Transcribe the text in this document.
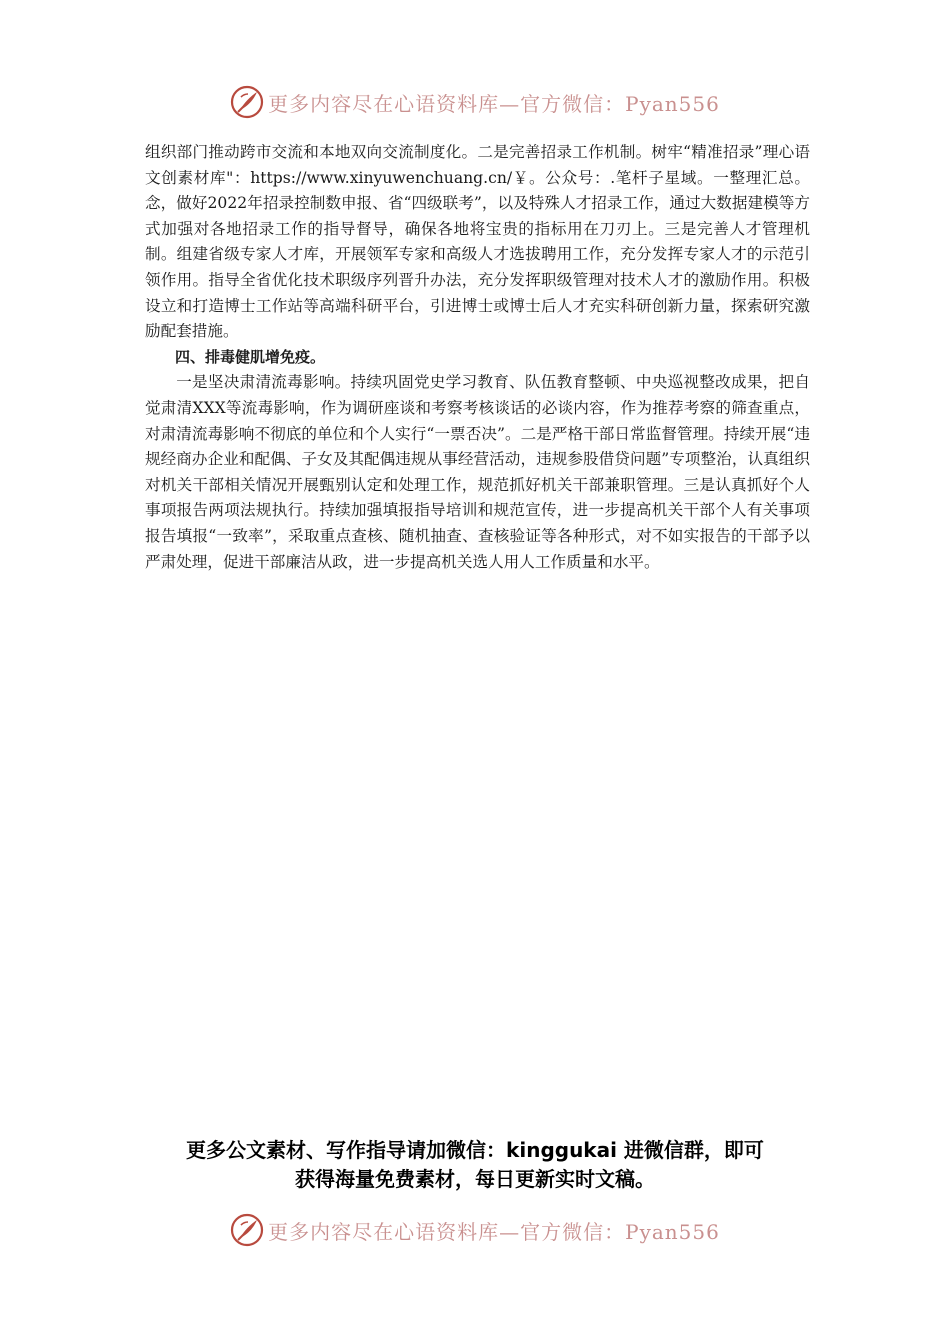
更多内容尽在心语资料库—官方微信：Pyan556

组织部门推动跨市交流和本地双向交流制度化。二是完善招录工作机制。树牢“精准招录”理心语文创素材库"：https://www.xinyuwenchuang.cn/￥。公众号：.笔杆子星域。一整理汇总。念，做好2022年招录控制数申报、省“四级联考”，以及特殊人才招录工作，通过大数据建模等方式加强对各地招录工作的指导督导，确保各地将宝贵的指标用在刀刃上。三是完善人才管理机制。组建省级专家人才库，开展领军专家和高级人才选拔聘用工作，充分发挥专家人才的示范引领作用。指导全省优化技术职级序列晋升办法，充分发挥职级管理对技术人才的激励作用。积极设立和打造博士工作站等高端科研平台，引进博士或博士后人才充实科研创新力量，探索研究激励配套措施。

四、排毒健肌增免疫。

一是坚决肃清流毒影响。持续巩固党史学习教育、队伍教育整顿、中央巡视整改成果，把自觉肃清XXX等流毒影响，作为调研座谈和考察考核谈话的必谈内容，作为推荐考察的筛查重点，对肃清流毒影响不彻底的单位和个人实行“一票否决”。二是严格干部日常监督管理。持续开展“违规经商办企业和配偶、子女及其配偶违规从事经营活动，违规参股借贷问题”专项整治，认真组织对机关干部相关情况开展甄别认定和处理工作，规范抓好机关干部兼职管理。三是认真抓好个人事项报告两项法规执行。持续加强填报指导培训和规范宣传，进一步提高机关干部个人有关事项报告填报“一致率”，采取重点查核、随机抽查、查核验证等各种形式，对不如实报告的干部予以严肃处理，促进干部廉洁从政，进一步提高机关选人用人工作质量和水平。

更多公文素材、写作指导请加微信：kinggukai 进微信群，即可
获得海量免费素材，每日更新实时文稿。
更多内容尽在心语资料库—官方微信：Pyan556
